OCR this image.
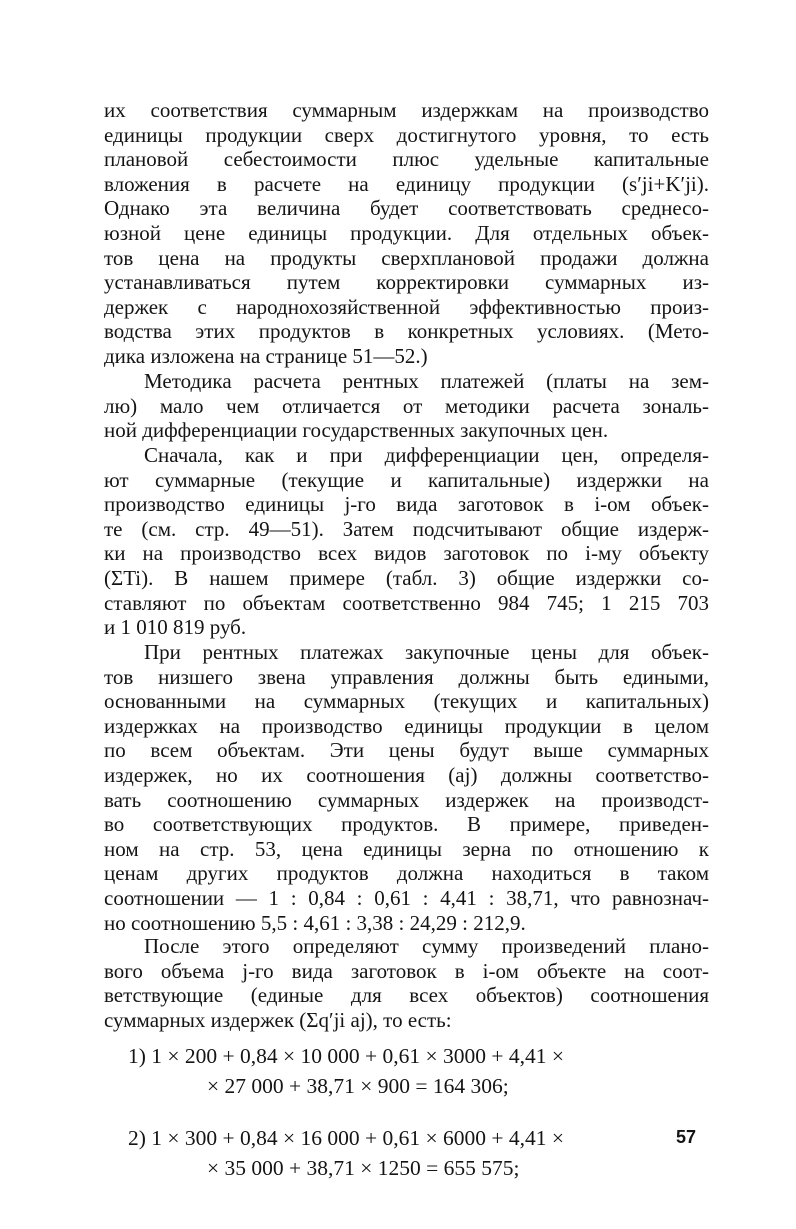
их соответствия суммарным издержкам на производство
единицы продукции сверх достигнутого уровня, то есть
плановой себестоимости плюс удельные капитальные
вложения в расчете на единицу продукции (s′ji+K′ji).
Однако эта величина будет соответствовать среднесо-
юзной цене единицы продукции. Для отдельных объек-
тов цена на продукты сверхплановой продажи должна
устанавливаться путем корректировки суммарных из-
держек с народнохозяйственной эффективностью произ-
водства этих продуктов в конкретных условиях. (Мето-
дика изложена на странице 51—52.)
Методика расчета рентных платежей (платы на зем-
лю) мало чем отличается от методики расчета зональ-
ной дифференциации государственных закупочных цен.
Сначала, как и при дифференциации цен, определя-
ют суммарные (текущие и капитальные) издержки на
производство единицы j-го вида заготовок в i-ом объек-
те (см. стр. 49—51). Затем подсчитывают общие издерж-
ки на производство всех видов заготовок по i-му объекту
(ΣTi). В нашем примере (табл. 3) общие издержки со-
ставляют по объектам соответственно 984 745; 1 215 703
и 1 010 819 руб.
При рентных платежах закупочные цены для объек-
тов низшего звена управления должны быть едиными,
основанными на суммарных (текущих и капитальных)
издержках на производство единицы продукции в целом
по всем объектам. Эти цены будут выше суммарных
издержек, но их соотношения (aj) должны соответство-
вать соотношению суммарных издержек на производст-
во соответствующих продуктов. В примере, приведен-
ном на стр. 53, цена единицы зерна по отношению к
ценам других продуктов должна находиться в таком
соотношении — 1 : 0,84 : 0,61 : 4,41 : 38,71, что равнознач-
но соотношению 5,5 : 4,61 : 3,38 : 24,29 : 212,9.
После этого определяют сумму произведений плано-
вого объема j-го вида заготовок в i-ом объекте на соот-
ветствующие (единые для всех объектов) соотношения
суммарных издержек (Σq′ji aj), то есть:
1) 1 × 200 + 0,84 × 10 000 + 0,61 × 3000 + 4,41 ×
× 27 000 + 38,71 × 900 = 164 306;
2) 1 × 300 + 0,84 × 16 000 + 0,61 × 6000 + 4,41 ×
× 35 000 + 38,71 × 1250 = 655 575;
57
